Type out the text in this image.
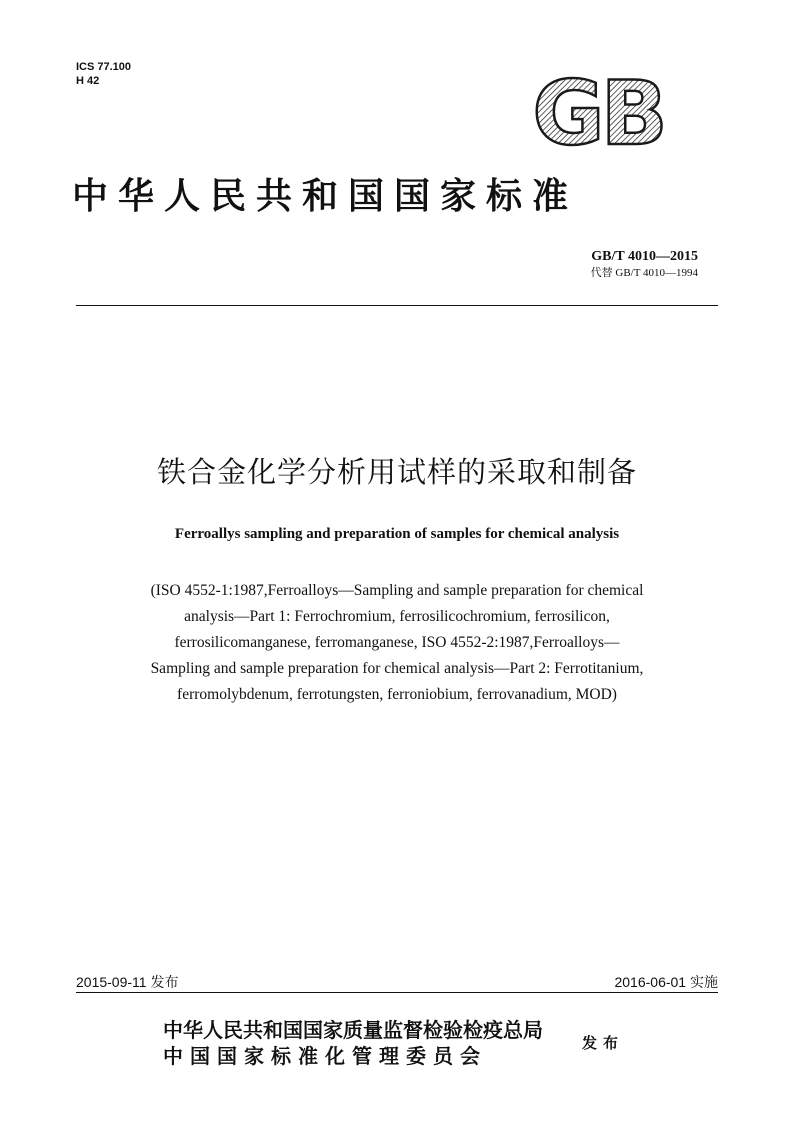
ICS 77.100
H 42	GB
中华人民共和国国家标准
GB/T 4010—2015
代替 GB/T 4010—1994
铁合金化学分析用试样的采取和制备
Ferroallys sampling and preparation of samples for chemical analysis
(ISO 4552-1:1987,Ferroalloys—Sampling and sample preparation for chemical
analysis—Part 1: Ferrochromium, ferrosilicochromium, ferrosilicon,
ferrosilicomanganese, ferromanganese, ISO 4552-2:1987,Ferroalloys—
Sampling and sample preparation for chemical analysis—Part 2: Ferrotitanium,
ferromolybdenum, ferrotungsten, ferroniobium, ferrovanadium, MOD)
2015-09-11 发布	2016-06-01 实施
中华人民共和国国家质量监督检验检疫总局
中国国家标准化管理委员会
发布
